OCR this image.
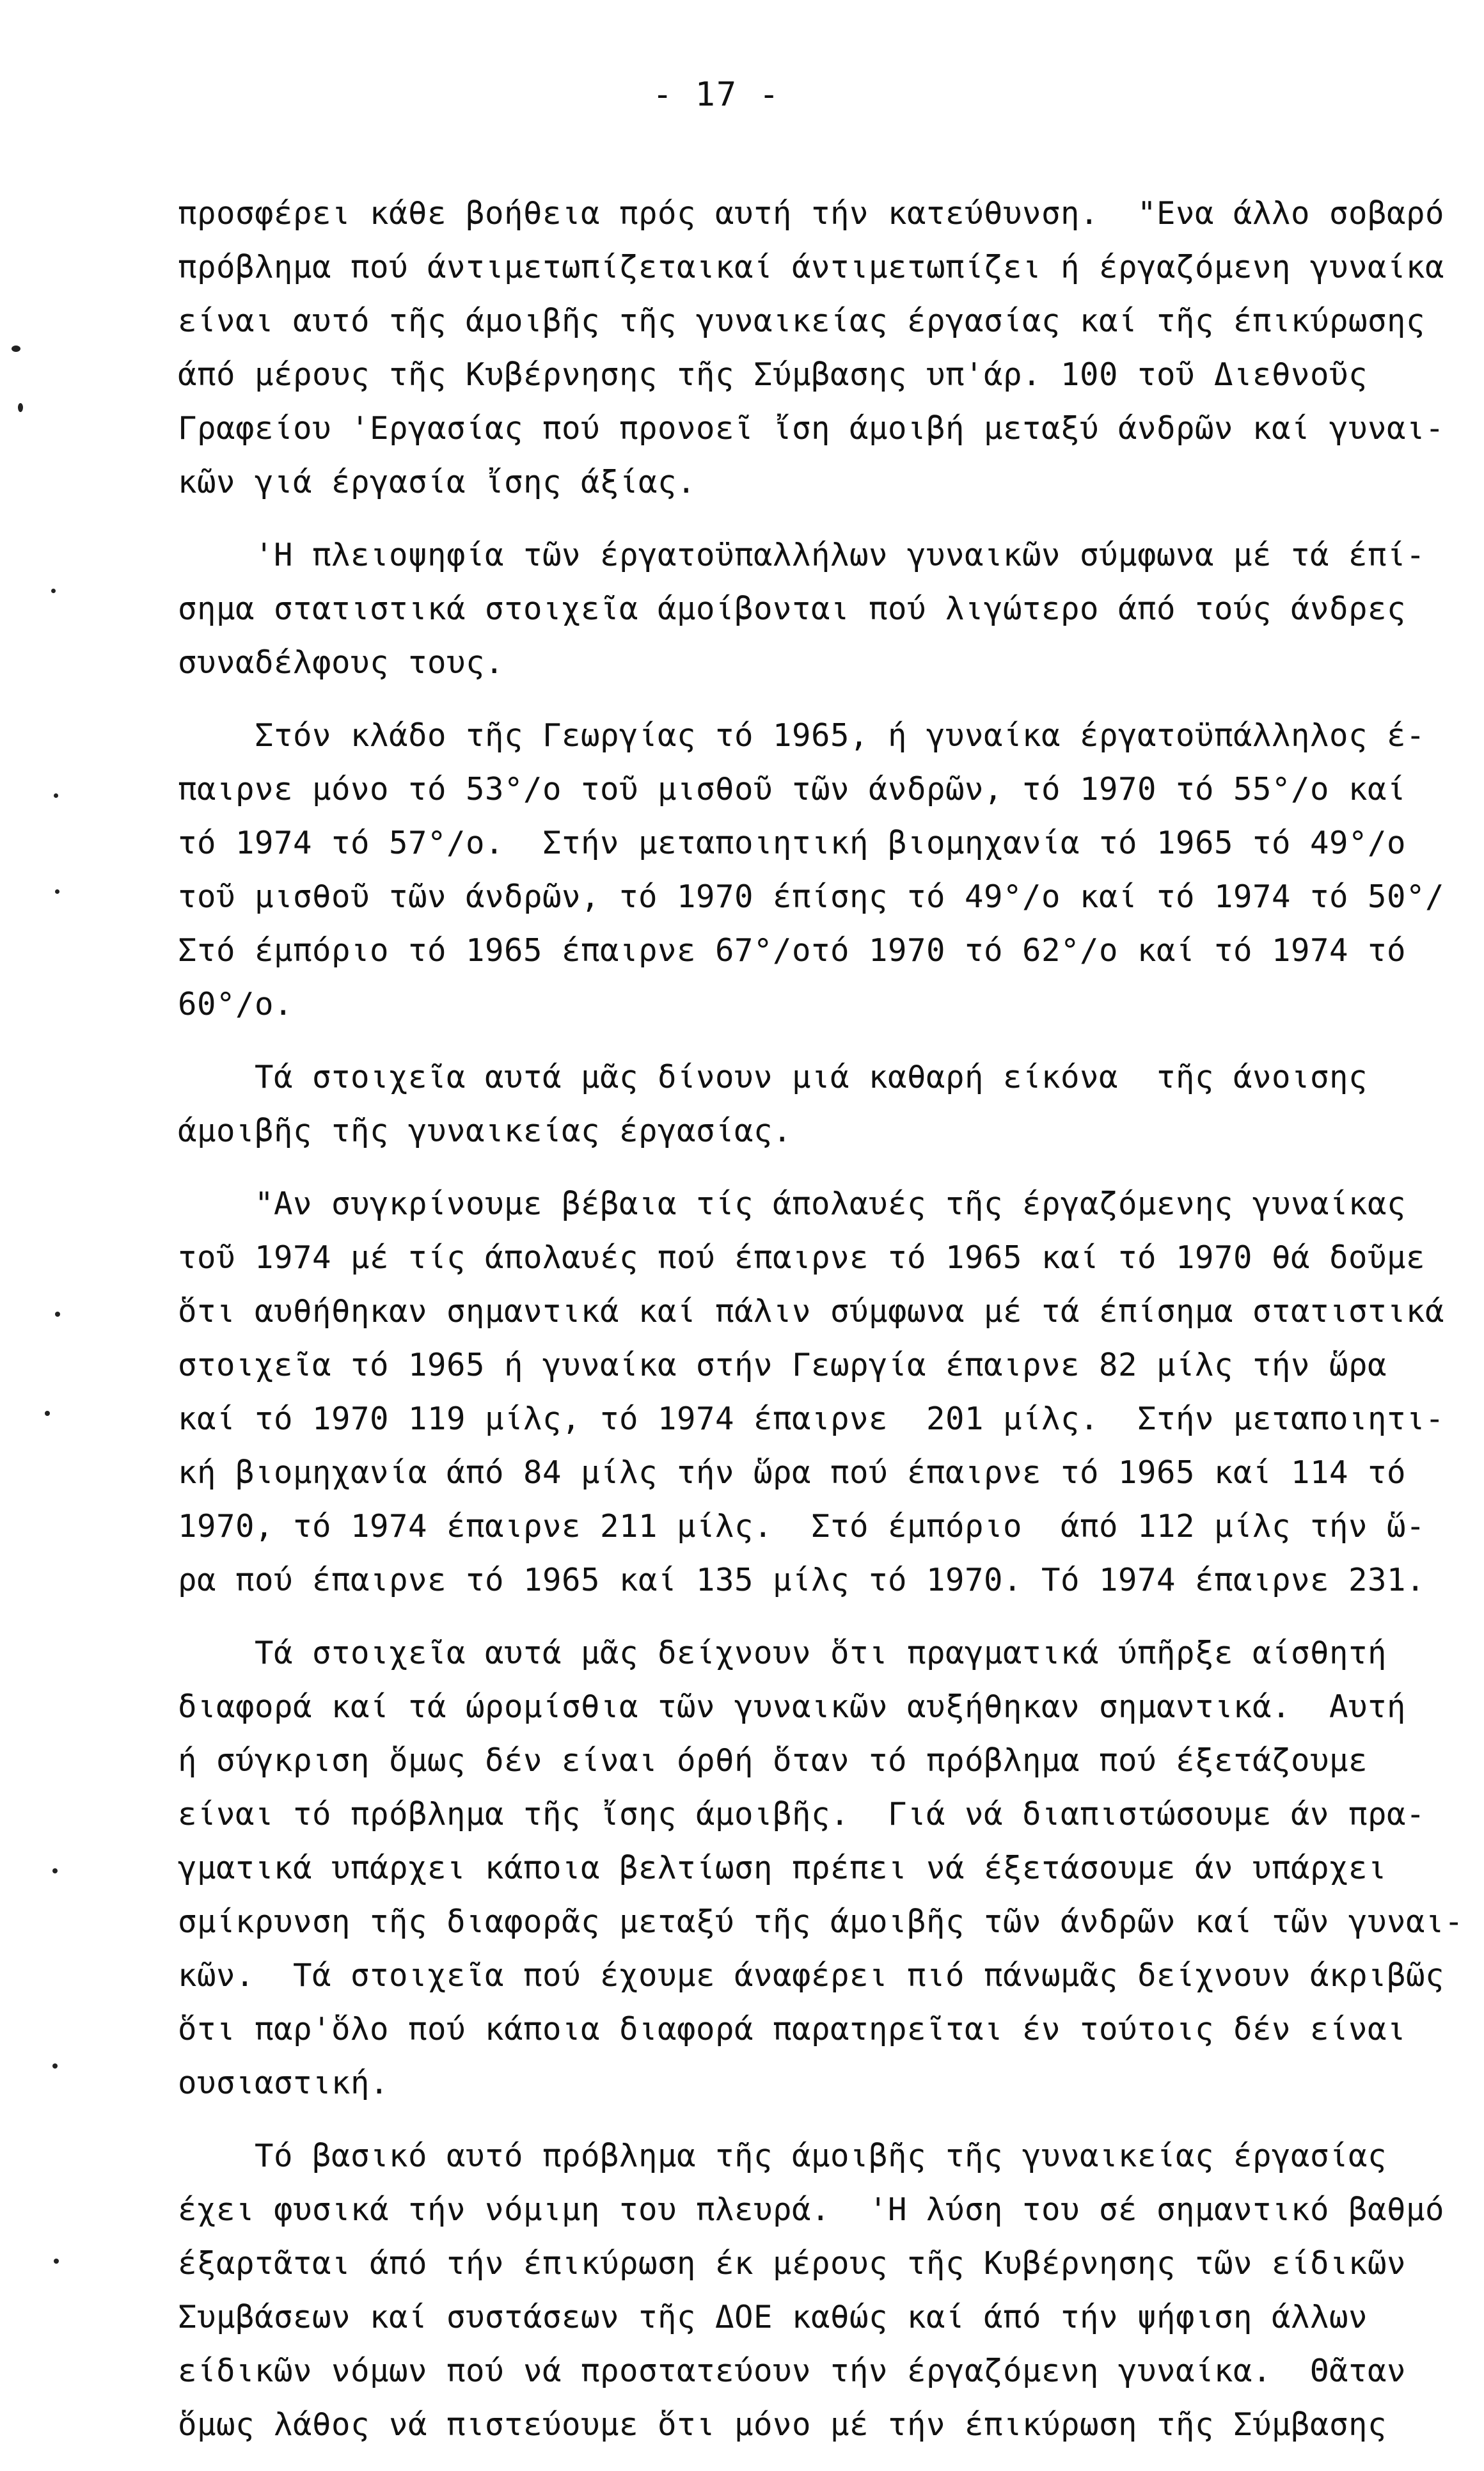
- 17 -
προσφέρει κάθε βοήθεια πρός αυτή τήν κατεύθυνση.  "Ενα άλλο σοβαρό
πρόβλημα πού άντιμετωπίζεταικαί άντιμετωπίζει ή έργαζόμενη γυναίκα
είναι αυτό τῆς άμοιβῆς τῆς γυναικείας έργασίας καί τῆς έπικύρωσης
άπό μέρους τῆς Κυβέρνησης τῆς Σύμβασης υπ'άρ. 100 τοῦ Διεθνοῦς
Γραφείου 'Εργασίας πού προνοεῖ ἴση άμοιβή μεταξύ άνδρῶν καί γυναι-
κῶν γιά έργασία ἴσης άξίας.
'Η πλειοψηφία τῶν έργατοϋπαλλήλων γυναικῶν σύμφωνα μέ τά έπί-
σημα στατιστικά στοιχεῖα άμοίβονται πού λιγώτερο άπό τούς άνδρες
συναδέλφους τους.
Στόν κλάδο τῆς Γεωργίας τό 1965, ή γυναίκα έργατοϋπάλληλος έ-
παιρνε μόνο τό 53°/ο τοῦ μισθοῦ τῶν άνδρῶν, τό 1970 τό 55°/ο καί
τό 1974 τό 57°/ο.  Στήν μεταποιητική βιομηχανία τό 1965 τό 49°/ο
τοῦ μισθοῦ τῶν άνδρῶν, τό 1970 έπίσης τό 49°/ο καί τό 1974 τό 50°/
Στό έμπόριο τό 1965 έπαιρνε 67°/οτό 1970 τό 62°/ο καί τό 1974 τό
60°/ο.
Τά στοιχεῖα αυτά μᾶς δίνουν μιά καθαρή είκόνα  τῆς άνοισης
άμοιβῆς τῆς γυναικείας έργασίας.
"Αν συγκρίνουμε βέβαια τίς άπολαυές τῆς έργαζόμενης γυναίκας
τοῦ 1974 μέ τίς άπολαυές πού έπαιρνε τό 1965 καί τό 1970 θά δοῦμε
ὅτι αυθήθηκαν σημαντικά καί πάλιν σύμφωνα μέ τά έπίσημα στατιστικά
στοιχεῖα τό 1965 ή γυναίκα στήν Γεωργία έπαιρνε 82 μίλς τήν ὥρα
καί τό 1970 119 μίλς, τό 1974 έπαιρνε  201 μίλς.  Στήν μεταποιητι-
κή βιομηχανία άπό 84 μίλς τήν ὥρα πού έπαιρνε τό 1965 καί 114 τό
1970, τό 1974 έπαιρνε 211 μίλς.  Στό έμπόριο  άπό 112 μίλς τήν ὥ-
ρα πού έπαιρνε τό 1965 καί 135 μίλς τό 1970. Τό 1974 έπαιρνε 231.
Τά στοιχεῖα αυτά μᾶς δείχνουν ὅτι πραγματικά ύπῆρξε αίσθητή
διαφορά καί τά ώρομίσθια τῶν γυναικῶν αυξήθηκαν σημαντικά.  Αυτή
ή σύγκριση ὅμως δέν είναι όρθή ὅταν τό πρόβλημα πού έξετάζουμε
είναι τό πρόβλημα τῆς ἴσης άμοιβῆς.  Γιά νά διαπιστώσουμε άν πρα-
γματικά υπάρχει κάποια βελτίωση πρέπει νά έξετάσουμε άν υπάρχει
σμίκρυνση τῆς διαφορᾶς μεταξύ τῆς άμοιβῆς τῶν άνδρῶν καί τῶν γυναι-
κῶν.  Τά στοιχεῖα πού έχουμε άναφέρει πιό πάνωμᾶς δείχνουν άκριβῶς
ὅτι παρ'ὅλο πού κάποια διαφορά παρατηρεῖται έν τούτοις δέν είναι
ουσιαστική.
Τό βασικό αυτό πρόβλημα τῆς άμοιβῆς τῆς γυναικείας έργασίας
έχει φυσικά τήν νόμιμη του πλευρά.  'Η λύση του σέ σημαντικό βαθμό
έξαρτᾶται άπό τήν έπικύρωση έκ μέρους τῆς Κυβέρνησης τῶν είδικῶν
Συμβάσεων καί συστάσεων τῆς ΔΟΕ καθώς καί άπό τήν ψήφιση άλλων
είδικῶν νόμων πού νά προστατεύουν τήν έργαζόμενη γυναίκα.  Θᾶταν
ὅμως λάθος νά πιστεύουμε ὅτι μόνο μέ τήν έπικύρωση τῆς Σύμβασης
